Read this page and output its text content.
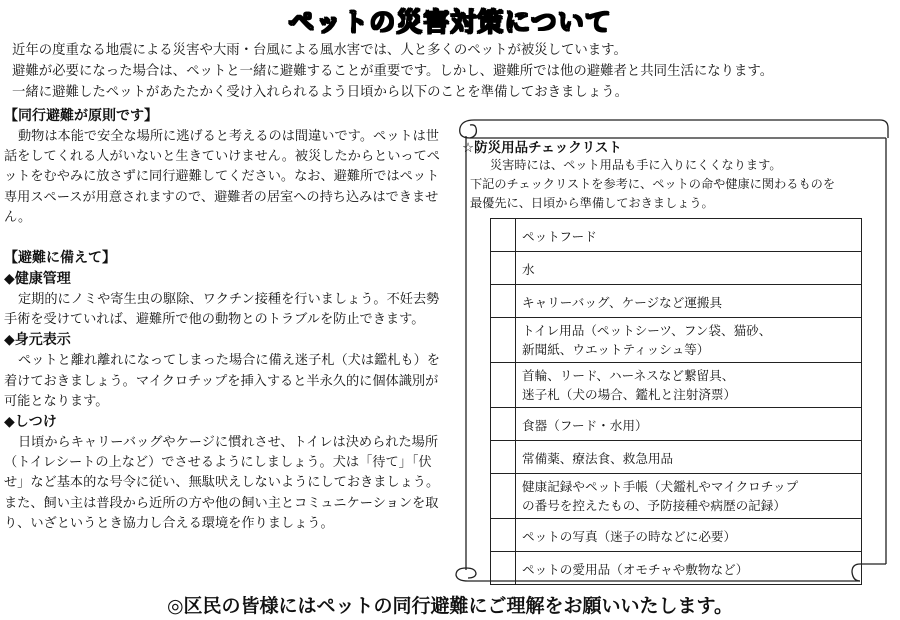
ペットの災害対策について

近年の度重なる地震による災害や大雨・台風による風水害では、人と多くのペットが被災しています。

避難が必要になった場合は、ペットと一緒に避難することが重要です。しかし、避難所では他の避難者と共同生活になります。

一緒に避難したペットがあたたかく受け入れられるよう日頃から以下のことを準備しておきましょう。

【同行避難が原則です】

動物は本能で安全な場所に逃げると考えるのは間違いです。ペットは世話をしてくれる人がいないと生きていけません。被災したからといってペットをむやみに放さずに同行避難してください。なお、避難所ではペット専用スペースが用意されますので、避難者の居室への持ち込みはできません。

【避難に備えて】

◆健康管理

定期的にノミや寄生虫の駆除、ワクチン接種を行いましょう。不妊去勢手術を受けていれば、避難所で他の動物とのトラブルを防止できます。

◆身元表示

ペットと離れ離れになってしまった場合に備え迷子札（犬は鑑札も）を着けておきましょう。マイクロチップを挿入すると半永久的に個体識別が可能となります。

◆しつけ

日頃からキャリーバッグやケージに慣れさせ、トイレは決められた場所（トイレシートの上など）でさせるようにしましょう。犬は「待て」「伏せ」など基本的な号令に従い、無駄吠えしないようにしておきましょう。また、飼い主は普段から近所の方や他の飼い主とコミュニケーションを取り、いざというとき協力し合える環境を作りましょう。

☆防災用品チェックリスト

災害時には、ペット用品も手に入りにくくなります。

下記のチェックリストを参考に、ペットの命や健康に関わるものを

最優先に、日頃から準備しておきましょう。

	ペットフード

	水

	キャリーバッグ、ケージなど運搬具

	トイレ用品（ペットシーツ、フン袋、猫砂、
新聞紙、ウエットティッシュ等）

	首輪、リード、ハーネスなど繋留具、
迷子札（犬の場合、鑑札と注射済票）

	食器（フード・水用）

	常備薬、療法食、救急用品

	健康記録やペット手帳（犬鑑札やマイクロチップ
の番号を控えたもの、予防接種や病歴の記録）

	ペットの写真（迷子の時などに必要）

	ペットの愛用品（オモチャや敷物など）
◎区民の皆様にはペットの同行避難にご理解をお願いいたします。
